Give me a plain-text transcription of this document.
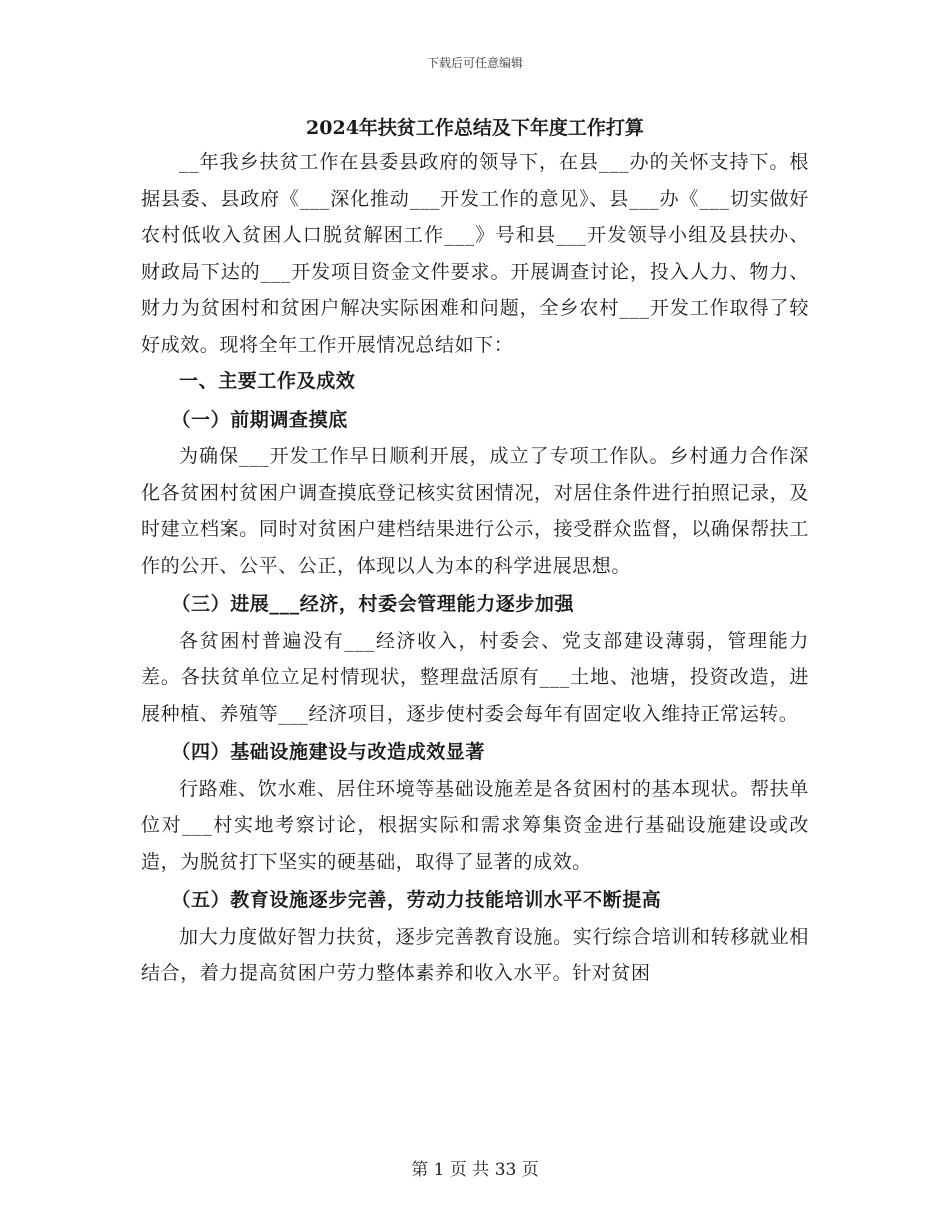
下载后可任意编辑
2024年扶贫工作总结及下年度工作打算

__年我乡扶贫工作在县委县政府的领导下，在县___办的关怀支持下。根据县委、县政府《___深化推动___开发工作的意见》、县___办《___切实做好农村低收入贫困人口脱贫解困工作___》号和县___开发领导小组及县扶办、财政局下达的___开发项目资金文件要求。开展调查讨论，投入人力、物力、财力为贫困村和贫困户解决实际困难和问题，全乡农村___开发工作取得了较好成效。现将全年工作开展情况总结如下：

一、主要工作及成效

（一）前期调查摸底

为确保___开发工作早日顺利开展，成立了专项工作队。乡村通力合作深化各贫困村贫困户调查摸底登记核实贫困情况，对居住条件进行拍照记录，及时建立档案。同时对贫困户建档结果进行公示，接受群众监督，以确保帮扶工作的公开、公平、公正，体现以人为本的科学进展思想。

（三）进展___经济，村委会管理能力逐步加强

各贫困村普遍没有___经济收入，村委会、党支部建设薄弱，管理能力差。各扶贫单位立足村情现状，整理盘活原有___土地、池塘，投资改造，进展种植、养殖等___经济项目，逐步使村委会每年有固定收入维持正常运转。

（四）基础设施建设与改造成效显著

行路难、饮水难、居住环境等基础设施差是各贫困村的基本现状。帮扶单位对___村实地考察讨论，根据实际和需求筹集资金进行基础设施建设或改造，为脱贫打下坚实的硬基础，取得了显著的成效。

（五）教育设施逐步完善，劳动力技能培训水平不断提高

加大力度做好智力扶贫，逐步完善教育设施。实行综合培训和转移就业相结合，着力提高贫困户劳力整体素养和收入水平。针对贫困

第 1 页 共 33 页
